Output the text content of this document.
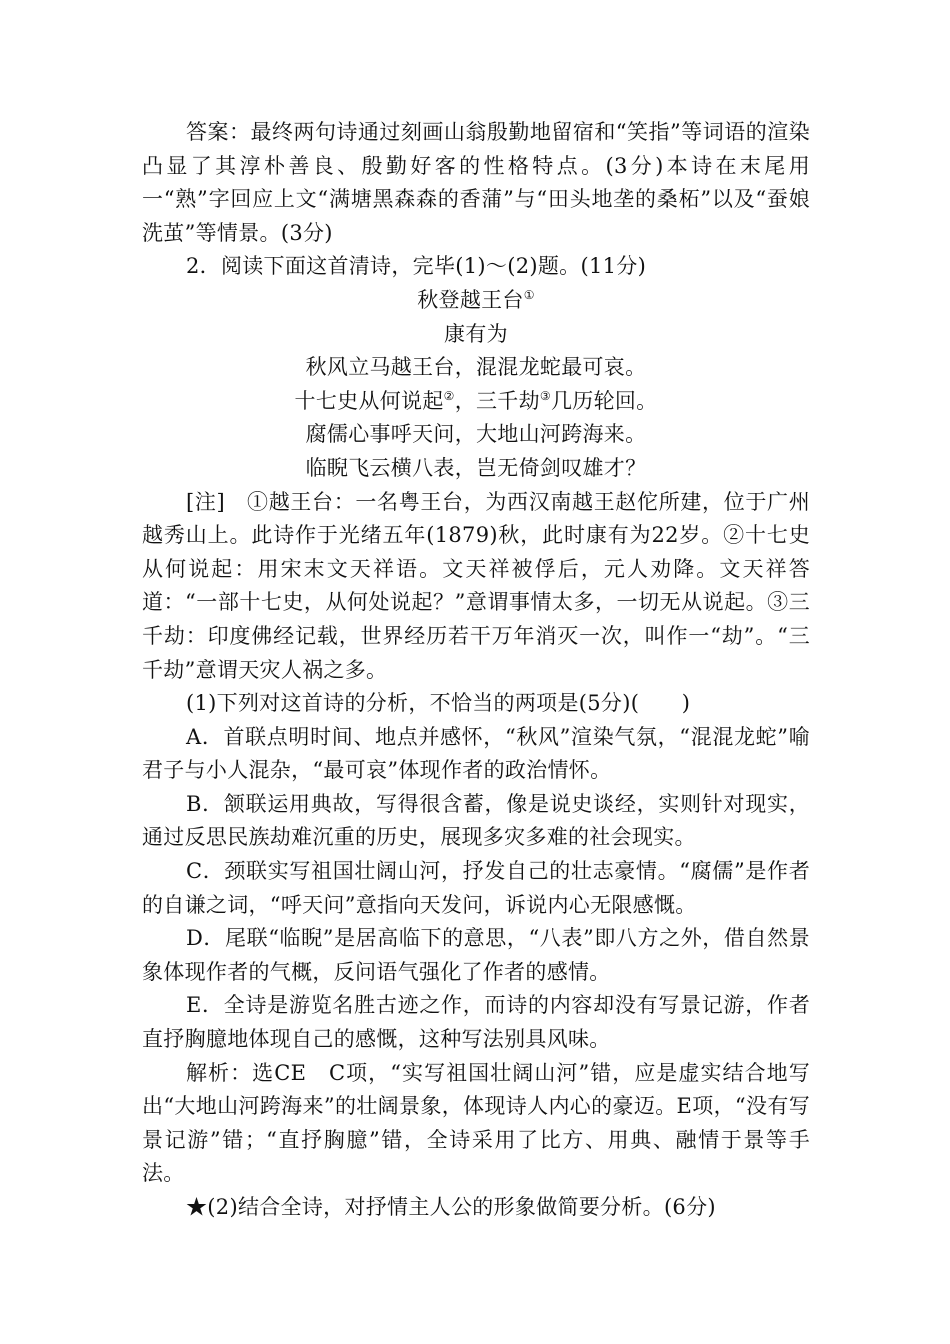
答案：最终两句诗通过刻画山翁殷勤地留宿和“笑指”等词语的渲染凸显了其淳朴善良、殷勤好客的性格特点。(3分)本诗在末尾用一“熟”字回应上文“满塘黑森森的香蒲”与“田头地垄的桑柘”以及“蚕娘洗茧”等情景。(3分)

2．阅读下面这首清诗，完毕(1)～(2)题。(11分)

秋登越王台①

康有为

秋风立马越王台，混混龙蛇最可哀。

十七史从何说起②，三千劫③几历轮回。

腐儒心事呼天问，大地山河跨海来。

临睨飞云横八表，岂无倚剑叹雄才？

[注]　①越王台：一名粤王台，为西汉南越王赵佗所建，位于广州越秀山上。此诗作于光绪五年(1879)秋，此时康有为22岁。②十七史从何说起：用宋末文天祥语。文天祥被俘后，元人劝降。文天祥答道：“一部十七史，从何处说起？”意谓事情太多，一切无从说起。③三千劫：印度佛经记载，世界经历若干万年消灭一次，叫作一“劫”。“三千劫”意谓天灾人祸之多。

(1)下列对这首诗的分析，不恰当的两项是(5分)(　　)

A．首联点明时间、地点并感怀，“秋风”渲染气氛，“混混龙蛇”喻君子与小人混杂，“最可哀”体现作者的政治情怀。

B．颔联运用典故，写得很含蓄，像是说史谈经，实则针对现实，通过反思民族劫难沉重的历史，展现多灾多难的社会现实。

C．颈联实写祖国壮阔山河，抒发自己的壮志豪情。“腐儒”是作者的自谦之词，“呼天问”意指向天发问，诉说内心无限感慨。

D．尾联“临睨”是居高临下的意思，“八表”即八方之外，借自然景象体现作者的气概，反问语气强化了作者的感情。

E．全诗是游览名胜古迹之作，而诗的内容却没有写景记游，作者直抒胸臆地体现自己的感慨，这种写法别具风味。

解析：选CE　C项，“实写祖国壮阔山河”错，应是虚实结合地写出“大地山河跨海来”的壮阔景象，体现诗人内心的豪迈。E项，“没有写景记游”错；“直抒胸臆”错，全诗采用了比方、用典、融情于景等手法。

★(2)结合全诗，对抒情主人公的形象做简要分析。(6分)
